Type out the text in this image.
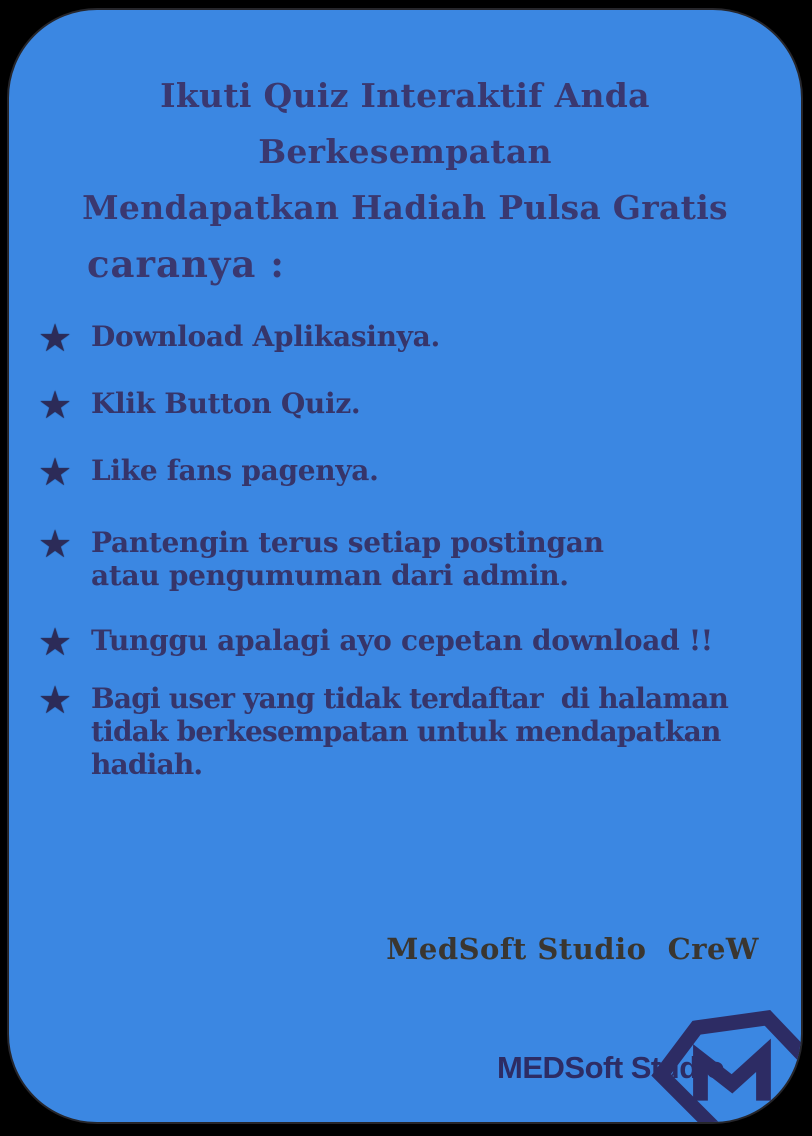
Ikuti Quiz Interaktif Anda Berkesempatan
Mendapatkan Hadiah Pulsa Gratis
caranya :
★ Download Aplikasinya.
★ Klik Button Quiz.
★ Like fans pagenya.
★ Pantengin terus setiap postingan atau pengumuman dari admin.
★ Tunggu apalagi ayo cepetan download !!
★ Bagi user yang tidak terdaftar  di halaman tidak berkesempatan untuk mendapatkan hadiah.
MedSoft Studio  CreW
MEDSoft Studio
